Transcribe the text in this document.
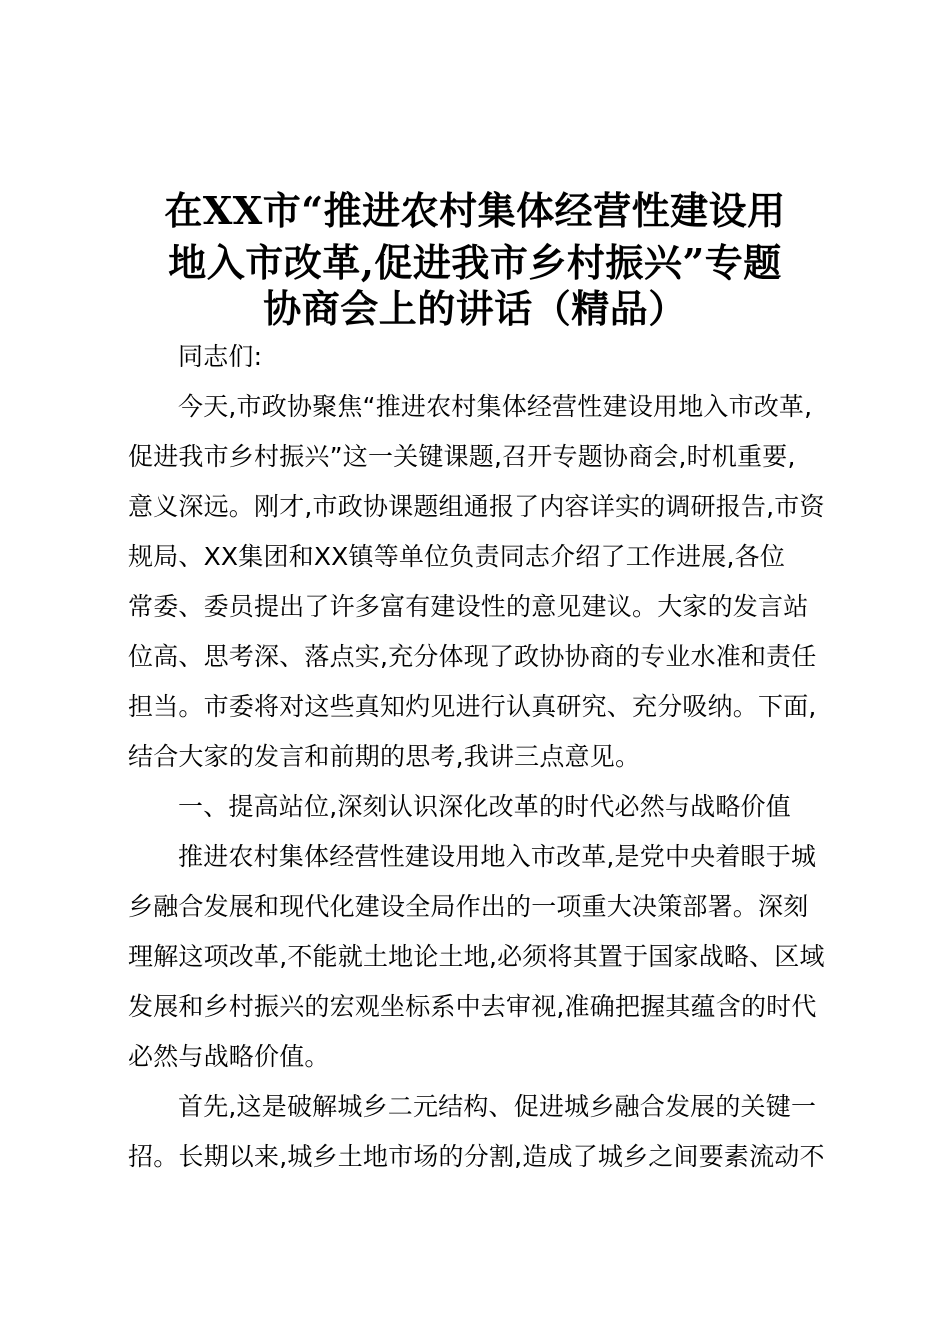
在XX市“推进农村集体经营性建设用
地入市改革,促进我市乡村振兴”专题
协商会上的讲话（精品）
同志们:
今天,市政协聚焦“推进农村集体经营性建设用地入市改革,
促进我市乡村振兴”这一关键课题,召开专题协商会,时机重要,
意义深远。刚才,市政协课题组通报了内容详实的调研报告,市资
规局、XX集团和XX镇等单位负责同志介绍了工作进展,各位
常委、委员提出了许多富有建设性的意见建议。大家的发言站
位高、思考深、落点实,充分体现了政协协商的专业水准和责任
担当。市委将对这些真知灼见进行认真研究、充分吸纳。下面,
结合大家的发言和前期的思考,我讲三点意见。
一、提高站位,深刻认识深化改革的时代必然与战略价值
推进农村集体经营性建设用地入市改革,是党中央着眼于城
乡融合发展和现代化建设全局作出的一项重大决策部署。深刻
理解这项改革,不能就土地论土地,必须将其置于国家战略、区域
发展和乡村振兴的宏观坐标系中去审视,准确把握其蕴含的时代
必然与战略价值。
首先,这是破解城乡二元结构、促进城乡融合发展的关键一
招。长期以来,城乡土地市场的分割,造成了城乡之间要素流动不
